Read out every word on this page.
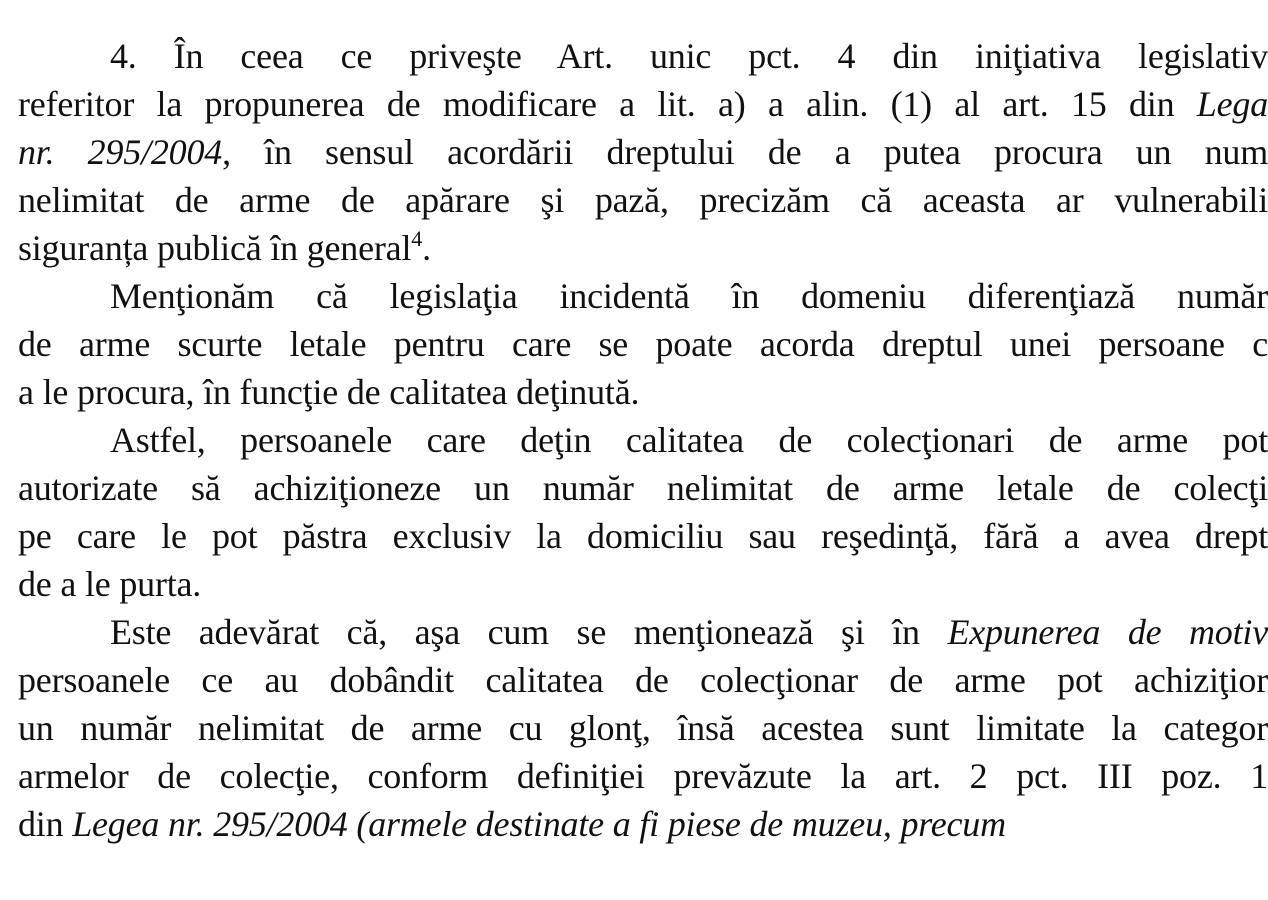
4. În ceea ce priveşte Art. unic pct. 4 din iniţiativa legislativ
referitor la propunerea de modificare a lit. a) a alin. (1) al art. 15 din Lega
nr. 295/2004, în sensul acordării dreptului de a putea procura un num
nelimitat de arme de apărare şi pază, precizăm că aceasta ar vulnerabili
siguranța publică în general$^4$.
Menţionăm că legislaţia incidentă în domeniu diferenţiază număr
de arme scurte letale pentru care se poate acorda dreptul unei persoane c
a le procura, în funcţie de calitatea deţinută.
Astfel, persoanele care deţin calitatea de colecţionari de arme pot
autorizate să achiziţioneze un număr nelimitat de arme letale de colecţi
pe care le pot păstra exclusiv la domiciliu sau reşedinţă, fără a avea drept
de a le purta.
Este adevărat că, aşa cum se menţionează şi în Expunerea de motiv
persoanele ce au dobândit calitatea de colecţionar de arme pot achiziţior
un număr nelimitat de arme cu glonţ, însă acestea sunt limitate la categor
armelor de colecţie, conform definiţiei prevăzute la art. 2 pct. III poz. 1
din Legea nr. 295/2004 (armele destinate a fi piese de muzeu, precum
